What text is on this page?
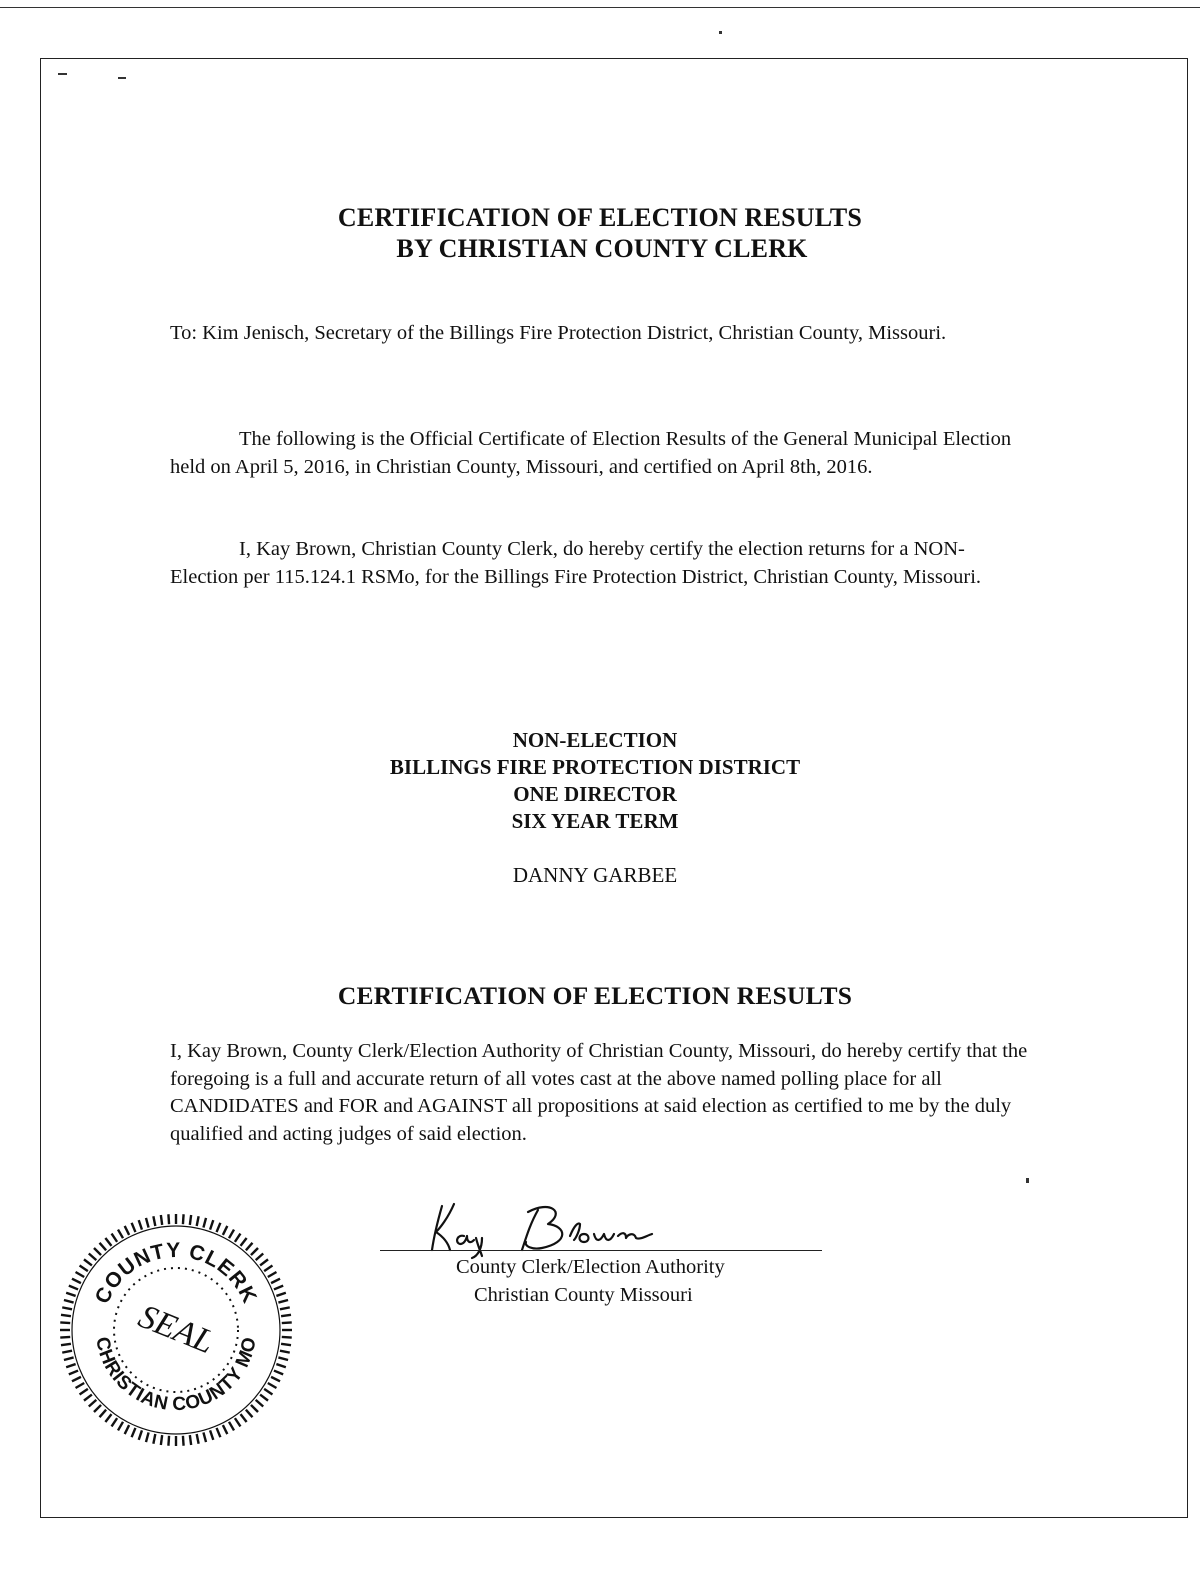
CERTIFICATION OF ELECTION RESULTS
BY CHRISTIAN COUNTY CLERK
To: Kim Jenisch, Secretary of the Billings Fire Protection District, Christian County, Missouri.
The following is the Official Certificate of Election Results of the General Municipal Election held on April 5, 2016, in Christian County, Missouri, and certified on April 8th, 2016.
I, Kay Brown, Christian County Clerk, do hereby certify the election returns for a NON-Election per 115.124.1 RSMo, for the Billings Fire Protection District, Christian County, Missouri.
NON-ELECTION
BILLINGS FIRE PROTECTION DISTRICT
ONE DIRECTOR
SIX YEAR TERM
DANNY GARBEE
CERTIFICATION OF ELECTION RESULTS
I, Kay Brown, County Clerk/Election Authority of Christian County, Missouri, do hereby certify that the foregoing is a full and accurate return of all votes cast at the above named polling place for all CANDIDATES and FOR and AGAINST all propositions at said election as certified to me by the duly qualified and acting judges of said election.
County Clerk/Election Authority
Christian County Missouri
COUNTY CLERK
CHRISTIAN COUNTY MO
SEAL
